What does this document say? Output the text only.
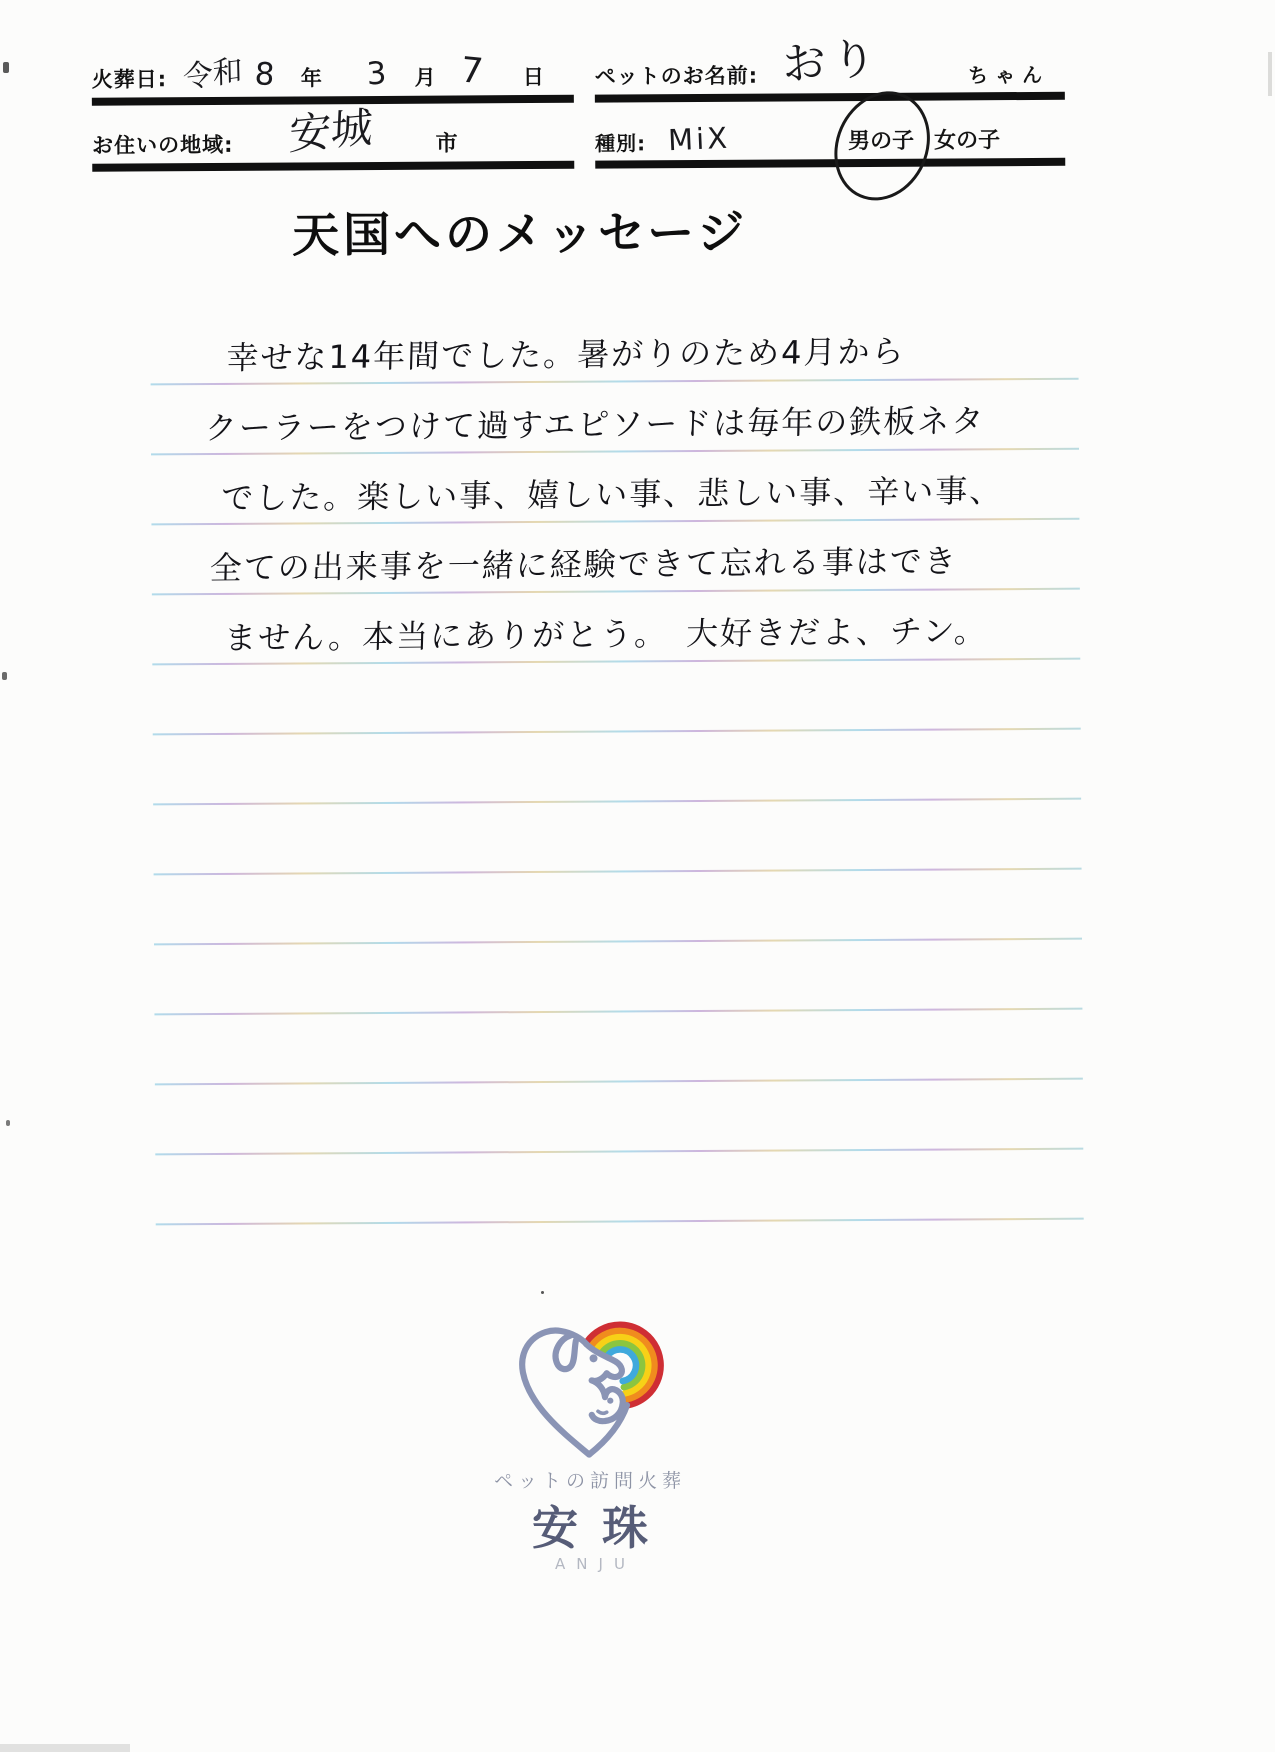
火葬日: 令和 8 年 3 月 7 日 ペットのお名前: おり	ちゃん
お住いの地域: 安城	市	種別: MiX	男の子 女の子
天国へのメッセージ
幸せな14年間でした。暑がりのため4月から
クーラーをつけて過すエピソードは毎年の鉄板ネタ
でした。楽しい事、嬉しい事、悲しい事、辛い事、
全ての出来事を一緒に経験できて忘れる事はでき
ません。本当にありがとう。　大好きだよ、チン。
ペットの訪問火葬
安珠
ANJU
